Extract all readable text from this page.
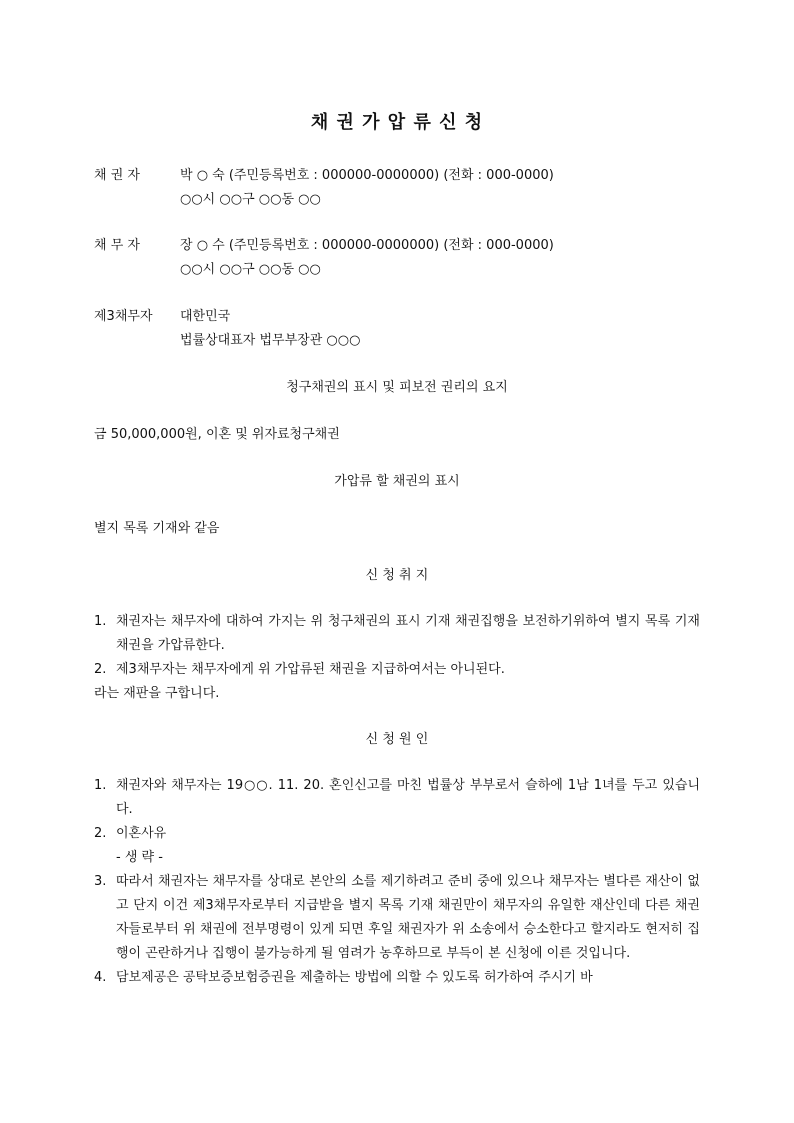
채 권 가 압 류 신 청
채 권 자	박 ○ 숙 (주민등록번호 : 000000-0000000) (전화 : 000-0000)
○○시 ○○구 ○○동 ○○
채 무 자	장 ○ 수 (주민등록번호 : 000000-0000000) (전화 : 000-0000)
○○시 ○○구 ○○동 ○○
제3채무자 대한민국
법률상대표자 법무부장관 ○○○
청구채권의 표시 및 피보전 권리의 요지
금 50,000,000원, 이혼 및 위자료청구채권
가압류 할 채권의 표시
별지 목록 기재와 같음
신 청 취 지
1. 채권자는 채무자에 대하여 가지는 위 청구채권의 표시 기재 채권집행을 보전하기위하여 별지 목록 기재 채권을 가압류한다.
2. 제3채무자는 채무자에게 위 가압류된 채권을 지급하여서는 아니된다.
라는 재판을 구합니다.
신 청 원 인
1. 채권자와 채무자는 19○○. 11. 20. 혼인신고를 마친 법률상 부부로서 슬하에 1남 1녀를 두고 있습니다.
2. 이혼사유
- 생 략 -
3. 따라서 채권자는 채무자를 상대로 본안의 소를 제기하려고 준비 중에 있으나 채무자는 별다른 재산이 없고 단지 이건 제3채무자로부터 지급받을 별지 목록 기재 채권만이 채무자의 유일한 재산인데 다른 채권자들로부터 위 채권에 전부명령이 있게 되면 후일 채권자가 위 소송에서 승소한다고 할지라도 현저히 집행이 곤란하거나 집행이 불가능하게 될 염려가 농후하므로 부득이 본 신청에 이른 것입니다.
4. 담보제공은 공탁보증보험증권을 제출하는 방법에 의할 수 있도록 허가하여 주시기 바
